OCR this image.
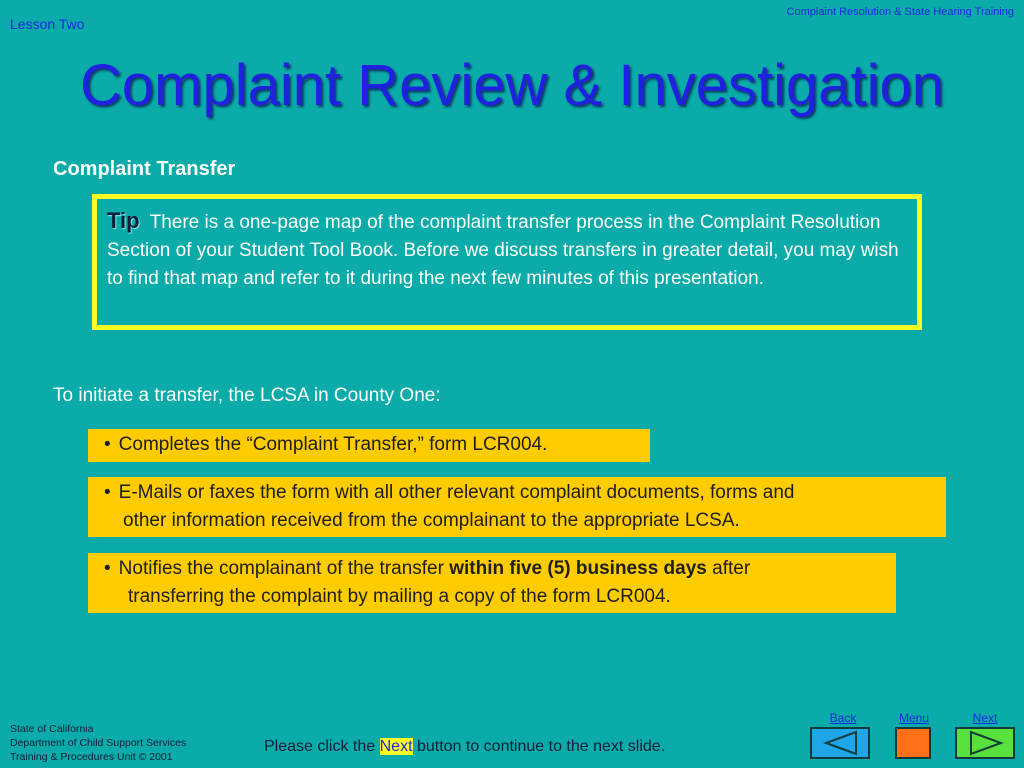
Lesson Two
Complaint Resolution & State Hearing Training
Complaint Review & Investigation
Complaint Transfer
Tip There is a one-page map of the complaint transfer process in the Complaint Resolution Section of your Student Tool Book. Before we discuss transfers in greater detail, you may wish to find that map and refer to it during the next few minutes of this presentation.
To initiate a transfer, the LCSA in County One:
• Completes the “Complaint Transfer,” form LCR004.
• E-Mails or faxes the form with all other relevant complaint documents, forms and
other information received from the complainant to the appropriate LCSA.
• Notifies the complainant of the transfer within five (5) business days after
transferring the complaint by mailing a copy of the form LCR004.
State of California
Department of Child Support Services
Training & Procedures Unit © 2001
Please click the Next button to continue to the next slide.
Back	Menu	Next
